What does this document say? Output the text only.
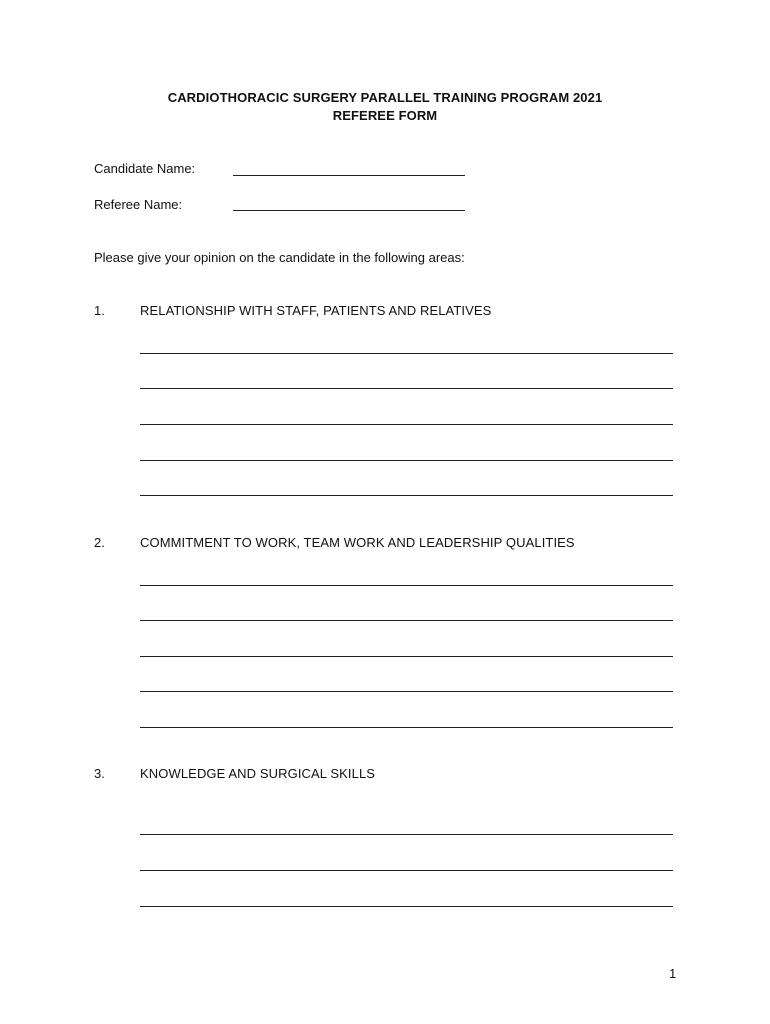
CARDIOTHORACIC SURGERY PARALLEL TRAINING PROGRAM 2021
REFEREE FORM
Candidate Name:
Referee Name:
Please give your opinion on the candidate in the following areas:
1.	RELATIONSHIP WITH STAFF, PATIENTS AND RELATIVES
2.	COMMITMENT TO WORK, TEAM WORK AND LEADERSHIP QUALITIES
3.	KNOWLEDGE AND SURGICAL SKILLS
1
